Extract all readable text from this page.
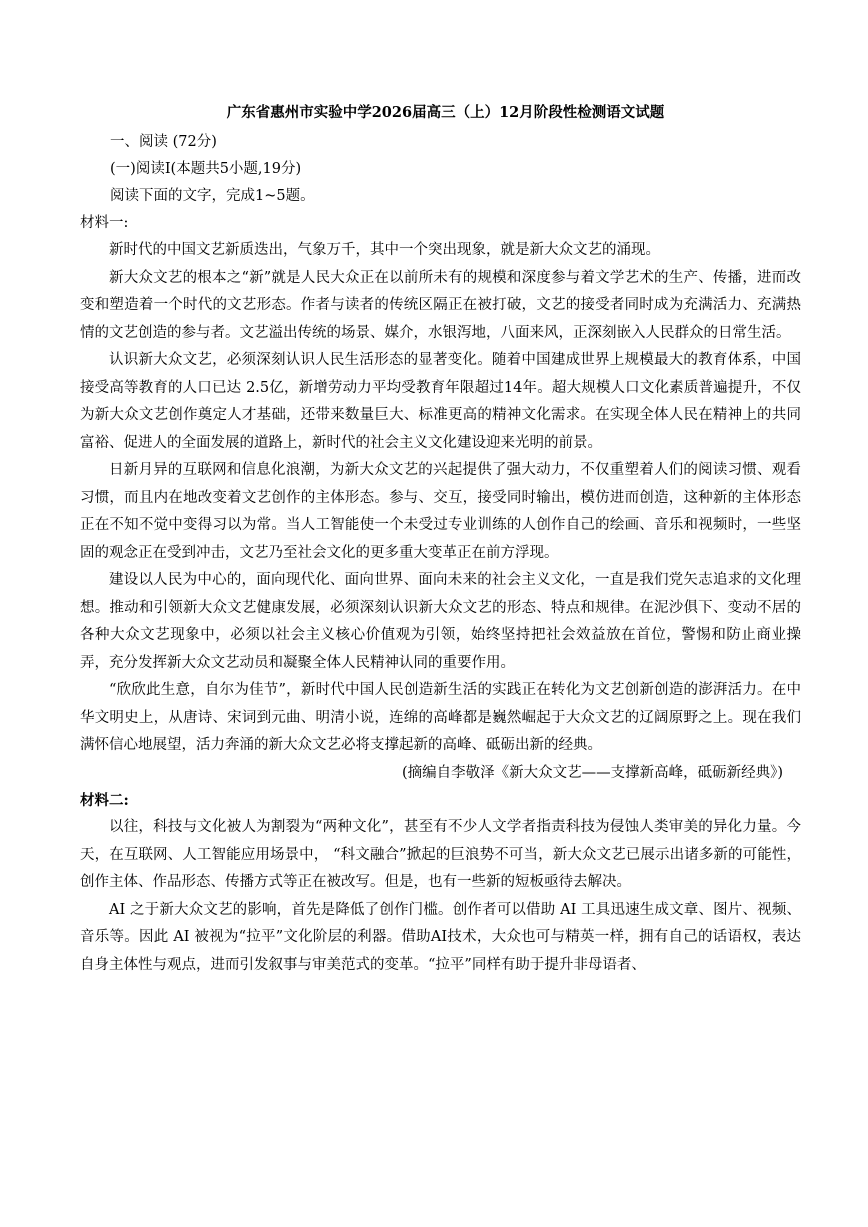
广东省惠州市实验中学2026届高三（上）12月阶段性检测语文试题
一、阅读 (72分)
(一)阅读Ⅰ(本题共5小题,19分)
阅读下面的文字，完成1~5题。
材料一:

新时代的中国文艺新质迭出，气象万千，其中一个突出现象，就是新大众文艺的涌现。

新大众文艺的根本之“新”就是人民大众正在以前所未有的规模和深度参与着文学艺术的生产、传播，进而改变和塑造着一个时代的文艺形态。作者与读者的传统区隔正在被打破，文艺的接受者同时成为充满活力、充满热情的文艺创造的参与者。文艺溢出传统的场景、媒介，水银泻地，八面来风，正深刻嵌入人民群众的日常生活。

认识新大众文艺，必须深刻认识人民生活形态的显著变化。随着中国建成世界上规模最大的教育体系，中国接受高等教育的人口已达 2.5亿，新增劳动力平均受教育年限超过14年。超大规模人口文化素质普遍提升，不仅为新大众文艺创作奠定人才基础，还带来数量巨大、标准更高的精神文化需求。在实现全体人民在精神上的共同富裕、促进人的全面发展的道路上，新时代的社会主义文化建设迎来光明的前景。

日新月异的互联网和信息化浪潮，为新大众文艺的兴起提供了强大动力，不仅重塑着人们的阅读习惯、观看习惯，而且内在地改变着文艺创作的主体形态。参与、交互，接受同时输出，模仿进而创造，这种新的主体形态正在不知不觉中变得习以为常。当人工智能使一个未受过专业训练的人创作自己的绘画、音乐和视频时，一些坚固的观念正在受到冲击，文艺乃至社会文化的更多重大变革正在前方浮现。

建设以人民为中心的，面向现代化、面向世界、面向未来的社会主义文化，一直是我们党矢志追求的文化理想。推动和引领新大众文艺健康发展，必须深刻认识新大众文艺的形态、特点和规律。在泥沙俱下、变动不居的各种大众文艺现象中，必须以社会主义核心价值观为引领，始终坚持把社会效益放在首位，警惕和防止商业操弄，充分发挥新大众文艺动员和凝聚全体人民精神认同的重要作用。

“欣欣此生意，自尔为佳节”，新时代中国人民创造新生活的实践正在转化为文艺创新创造的澎湃活力。在中华文明史上，从唐诗、宋词到元曲、明清小说，连绵的高峰都是巍然崛起于大众文艺的辽阔原野之上。现在我们满怀信心地展望，活力奔涌的新大众文艺必将支撑起新的高峰、砥砺出新的经典。

(摘编自李敬泽《新大众文艺——支撑新高峰，砥砺新经典》)
材料二:

以往，科技与文化被人为割裂为“两种文化”，甚至有不少人文学者指责科技为侵蚀人类审美的异化力量。今天，在互联网、人工智能应用场景中， “科文融合”掀起的巨浪势不可当，新大众文艺已展示出诸多新的可能性，创作主体、作品形态、传播方式等正在被改写。但是，也有一些新的短板亟待去解决。

AI 之于新大众文艺的影响，首先是降低了创作门槛。创作者可以借助 AI 工具迅速生成文章、图片、视频、音乐等。因此 AI 被视为“拉平”文化阶层的利器。借助AI技术，大众也可与精英一样，拥有自己的话语权，表达自身主体性与观点，进而引发叙事与审美范式的变革。“拉平”同样有助于提升非母语者、
